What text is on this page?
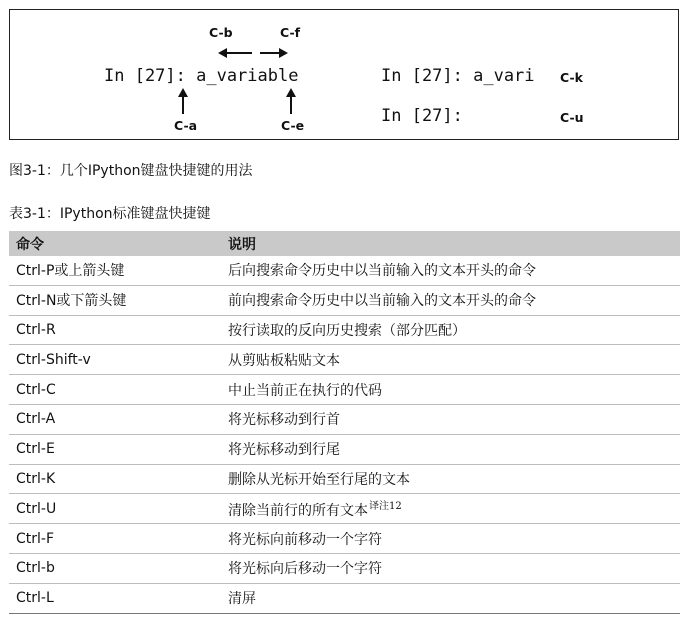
C-b	C-f
In [27]: a_variable	In [27]: a_vari C-k
In [27]:	C-u
C-a	C-e
图3-1：几个IPython键盘快捷键的用法
表3-1：IPython标准键盘快捷键
命令	说明
Ctrl-P或上箭头键	后向搜索命令历史中以当前输入的文本开头的命令
Ctrl-N或下箭头键	前向搜索命令历史中以当前输入的文本开头的命令
Ctrl-R	按行读取的反向历史搜索（部分匹配）
Ctrl-Shift-v	从剪贴板粘贴文本
Ctrl-C	中止当前正在执行的代码
Ctrl-A	将光标移动到行首
Ctrl-E	将光标移动到行尾
Ctrl-K	删除从光标开始至行尾的文本
Ctrl-U	清除当前行的所有文本$^{译注12}$
Ctrl-F	将光标向前移动一个字符
Ctrl-b	将光标向后移动一个字符
Ctrl-L	清屏
